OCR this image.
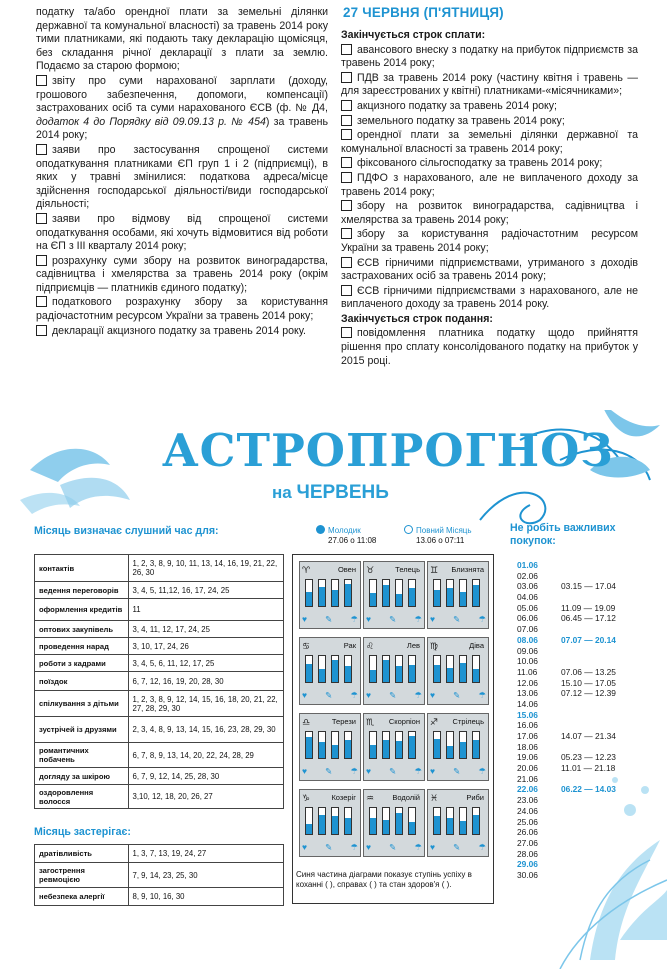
податку та/або орендної плати за земельні ділянки державної та комунальної власності) за травень 2014 року тими платниками, які подають таку декларацію щомісяця, без складання річної декларації з плати за землю. Подаємо за старою формою;
звіту про суми нарахованої зарплати (доходу, грошового забезпечення, допомоги, компенсації) застрахованих осіб та суми нарахованого ЄСВ (ф. № Д4, додаток 4 до Порядку від 09.09.13 р. № 454) за травень 2014 року;
заяви про застосування спрощеної системи оподаткування платниками ЄП груп 1 і 2 (підприємці), в яких у травні змінилися: податкова адреса/місце здійснення господарської діяльності/види господарської діяльності;
заяви про відмову від спрощеної системи оподаткування особами, які хочуть відмовитися від роботи на ЄП з III кварталу 2014 року;
розрахунку суми збору на розвиток виноградарства, садівництва і хмелярства за травень 2014 року (окрім підприємців — платників єдиного податку);
податкового розрахунку збору за користування радіочастотним ресурсом України за травень 2014 року;
декларації акцизного податку за травень 2014 року.
27 ЧЕРВНЯ (П'ЯТНИЦЯ)
Закінчується строк сплати:
авансового внеску з податку на прибуток підприємств за травень 2014 року;
ПДВ за травень 2014 року (частину квітня і травень — для зареєстрованих у квітні) платниками-«місячниками»;
акцизного податку за травень 2014 року;
земельного податку за травень 2014 року;
орендної плати за земельні ділянки державної та комунальної власності за травень 2014 року;
фіксованого сільгосподатку за травень 2014 року;
ПДФО з нарахованого, але не виплаченого доходу за травень 2014 року;
збору на розвиток виноградарства, садівництва і хмелярства за травень 2014 року;
збору за користування радіочастотним ресурсом України за травень 2014 року;
ЄСВ гірничими підприємствами, утриманого з доходів застрахованих осіб за травень 2014 року;
ЄСВ гірничими підприємствами з нарахованого, але не виплаченого доходу за травень 2014 року.
Закінчується строк подання:
повідомлення платника податку щодо прийняття рішення про сплату консолідованого податку на прибуток у 2015 році.
АСТРОПРОГНОЗ
на ЧЕРВЕНЬ
Місяць визначає слушний час для:
контактів	1, 2, 3, 8, 9, 10, 11, 13, 14, 16, 19, 21, 22, 26, 30
ведення переговорів	3, 4, 5, 11,12, 16, 17, 24, 25
оформлення кредитів	11
оптових закупівель	3, 4, 11, 12, 17, 24, 25
проведення нарад	3, 10, 17, 24, 26
роботи з кадрами	3, 4, 5, 6, 11, 12, 17, 25
поїздок	6, 7, 12, 16, 19, 20, 28, 30
спілкування з дітьми	1, 2, 3, 8, 9, 12, 14, 15, 16, 18, 20, 21, 22, 27, 28, 29, 30
зустрічей із друзями	2, 3, 4, 8, 9, 13, 14, 15, 16, 23, 28, 29, 30
романтичних побачень	6, 7, 8, 9, 13, 14, 20, 22, 24, 28, 29
догляду за шкірою	6, 7, 9, 12, 14, 25, 28, 30
оздоровлення волосся	3,10, 12, 18, 20, 26, 27
Місяць застерігає:
дратівливість	1, 3, 7, 13, 19, 24, 27
загострення ревмоцією	7, 9, 14, 23, 25, 30
небезпека алергії	8, 9, 10, 16, 30
Молодик
27.06 о 11:08
Повний Місяць
13.06 о 07:11
♈	Овен
♥ ✎ ☂
♉	Телець
♥ ✎ ☂
♊	Близнята
♥ ✎ ☂
♋	Рак
♥ ✎ ☂
♌	Лев
♥ ✎ ☂
♍	Діва
♥ ✎ ☂
♎	Терези
♥ ✎ ☂
♏	Скорпіон
♥ ✎ ☂
♐	Стрілець
♥ ✎ ☂
♑	Козеріг
♥ ✎ ☂
♒	Водолій
♥ ✎ ☂
♓	Риби
♥ ✎ ☂
Синя частина діаграми показує ступінь успіху в коханні ( ), справах ( ) та стан здоров'я ( ).
Не робіть важливих покупок:
01.06
02.06
03.06	03.15 — 17.04
04.06
05.06	11.09 — 19.09
06.06	06.45 — 17.12
07.06
08.06	07.07 — 20.14
09.06
10.06
11.06	07.06 — 13.25
12.06	15.10 — 17.05
13.06	07.12 — 12.39
14.06
15.06
16.06
17.06	14.07 — 21.34
18.06
19.06	05.23 — 12.23
20.06	11.01 — 21.18
21.06
22.06	06.22 — 14.03
23.06
24.06
25.06
26.06
27.06
28.06
29.06
30.06
